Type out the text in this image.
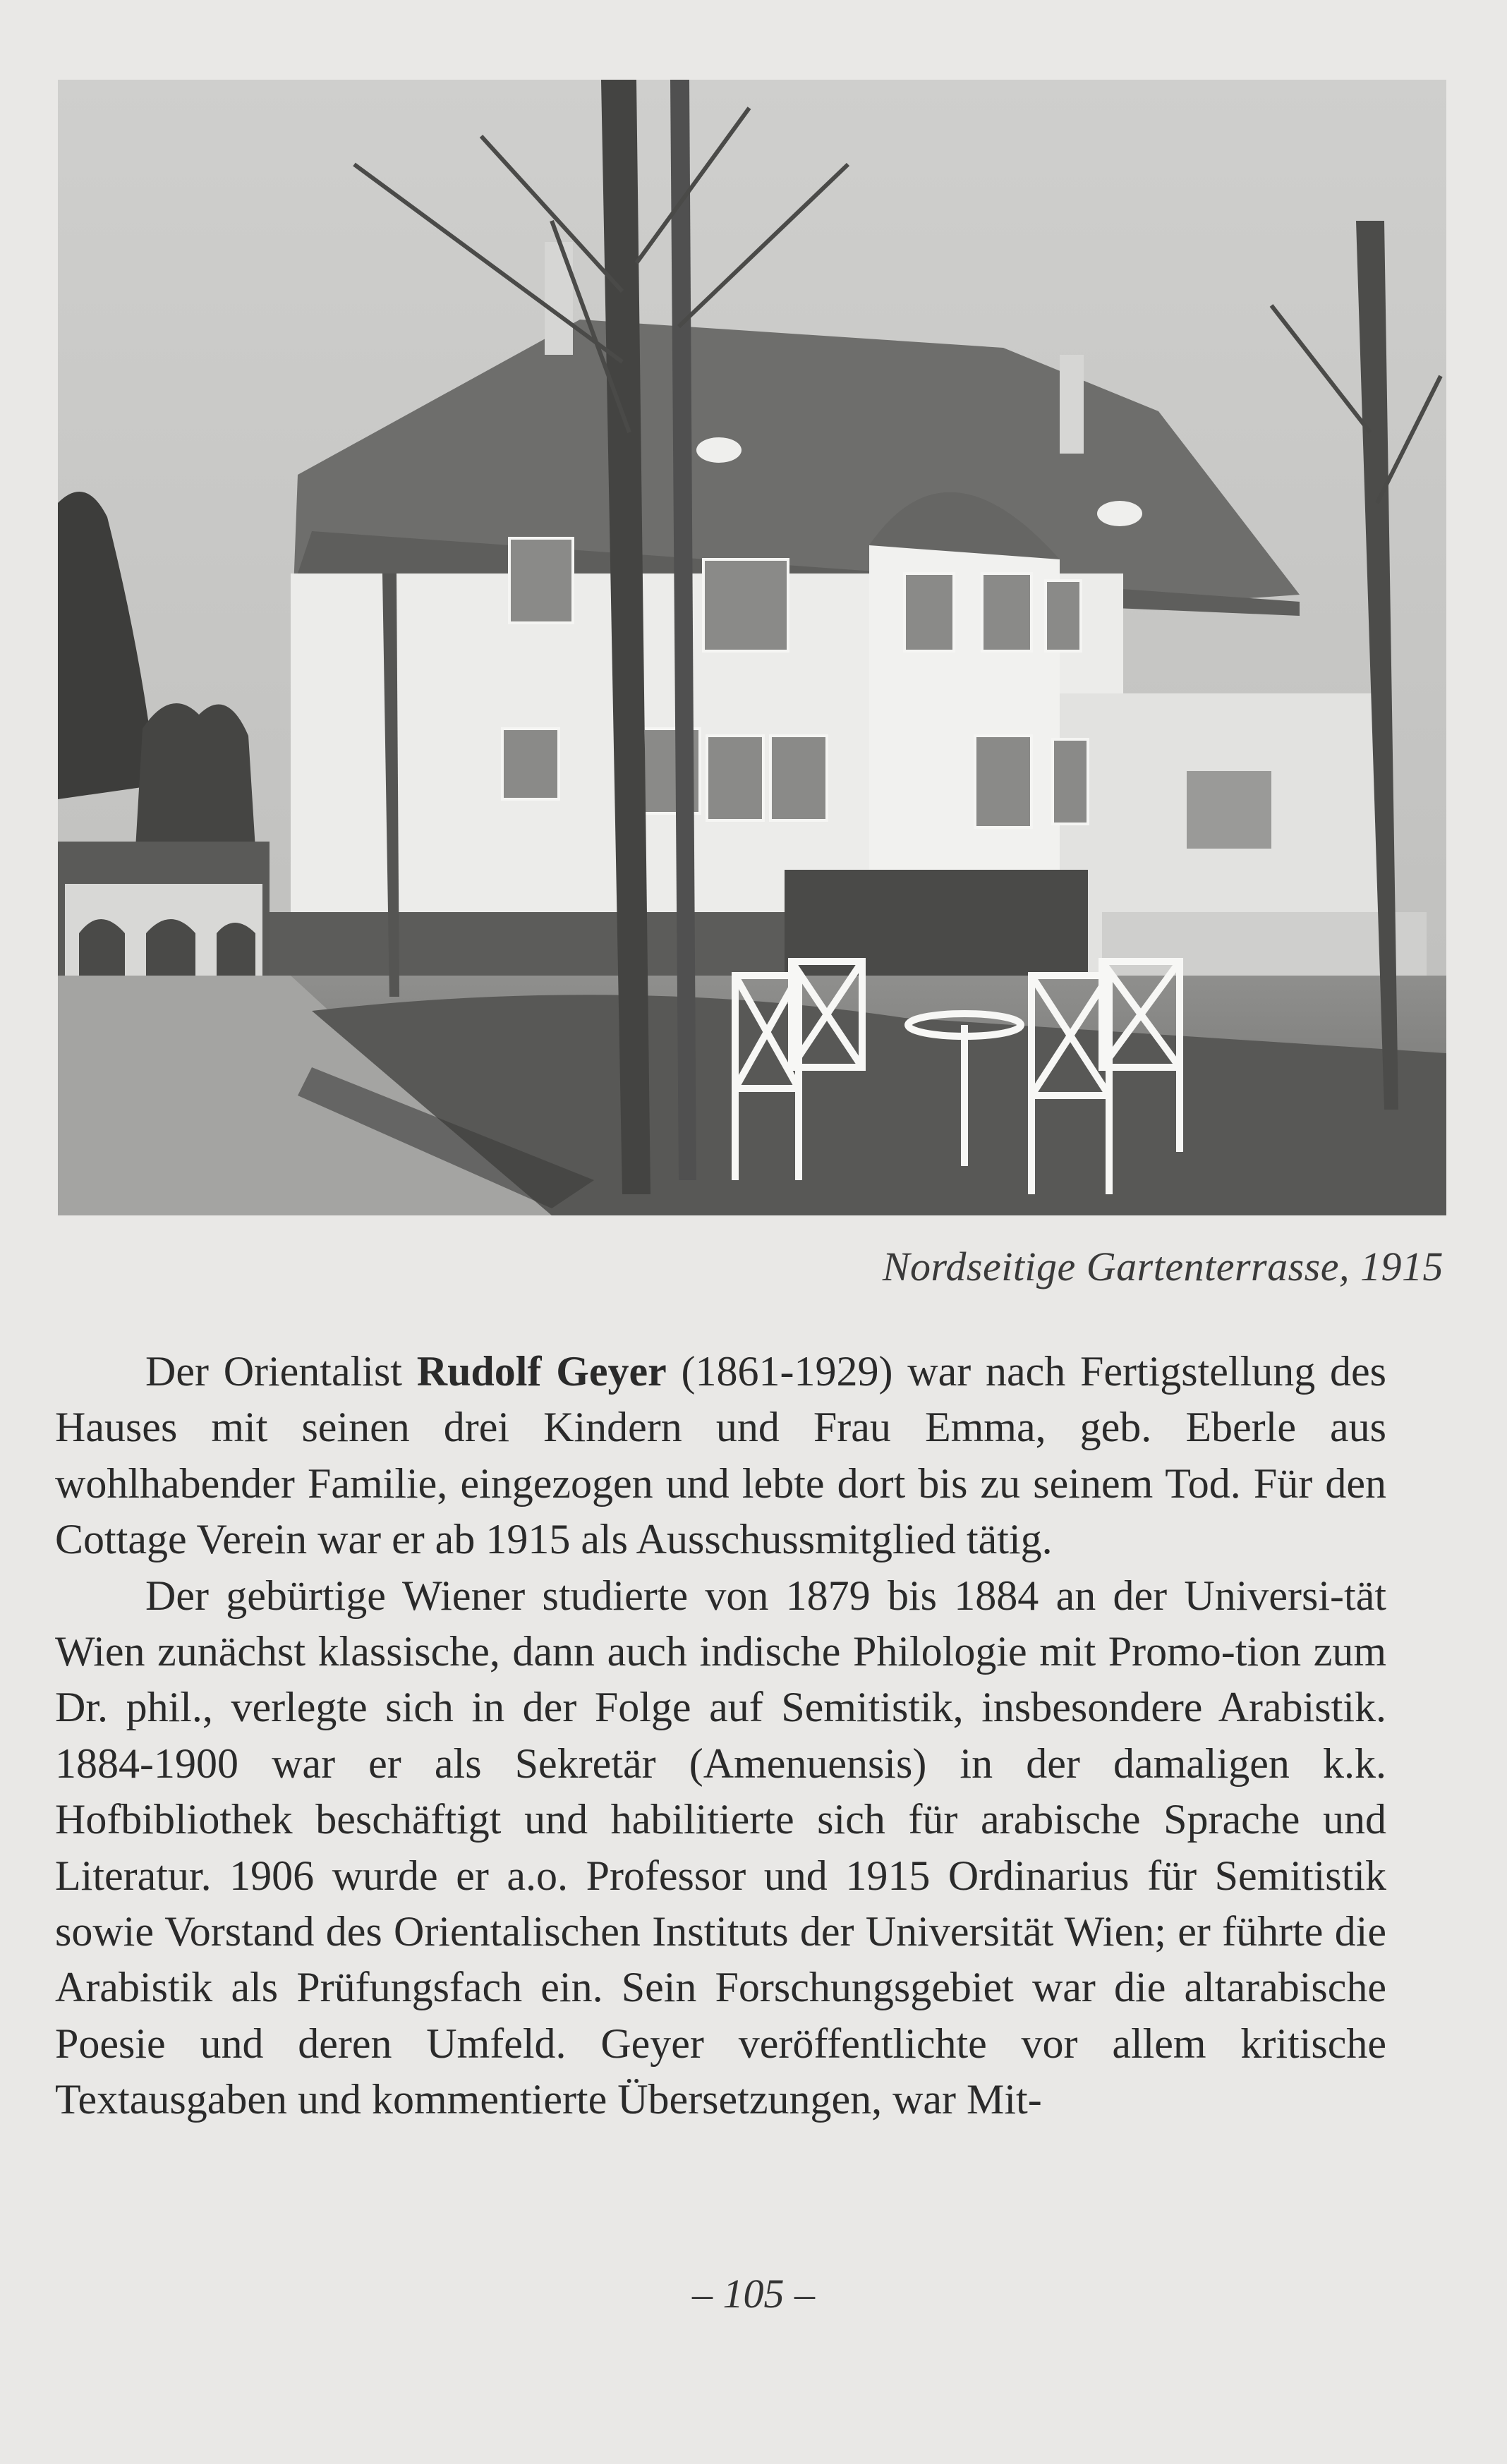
Nordseitige Gartenterrasse, 1915

Der Orientalist Rudolf Geyer (1861-1929) war nach Fertigstellung des Hauses mit seinen drei Kindern und Frau Emma, geb. Eberle aus wohlhabender Familie, eingezogen und lebte dort bis zu seinem Tod. Für den Cottage Verein war er ab 1915 als Ausschussmitglied tätig.

Der gebürtige Wiener studierte von 1879 bis 1884 an der Universi-tät Wien zunächst klassische, dann auch indische Philologie mit Promo-tion zum Dr. phil., verlegte sich in der Folge auf Semitistik, insbesondere Arabistik. 1884-1900 war er als Sekretär (Amenuensis) in der damaligen k.k. Hofbibliothek beschäftigt und habilitierte sich für arabische Sprache und Literatur. 1906 wurde er a.o. Professor und 1915 Ordinarius für Semitistik sowie Vorstand des Orientalischen Instituts der Universität Wien; er führte die Arabistik als Prüfungsfach ein. Sein Forschungsgebiet war die altarabische Poesie und deren Umfeld. Geyer veröffentlichte vor allem kritische Textausgaben und kommentierte Übersetzungen, war Mit-

– 105 –
